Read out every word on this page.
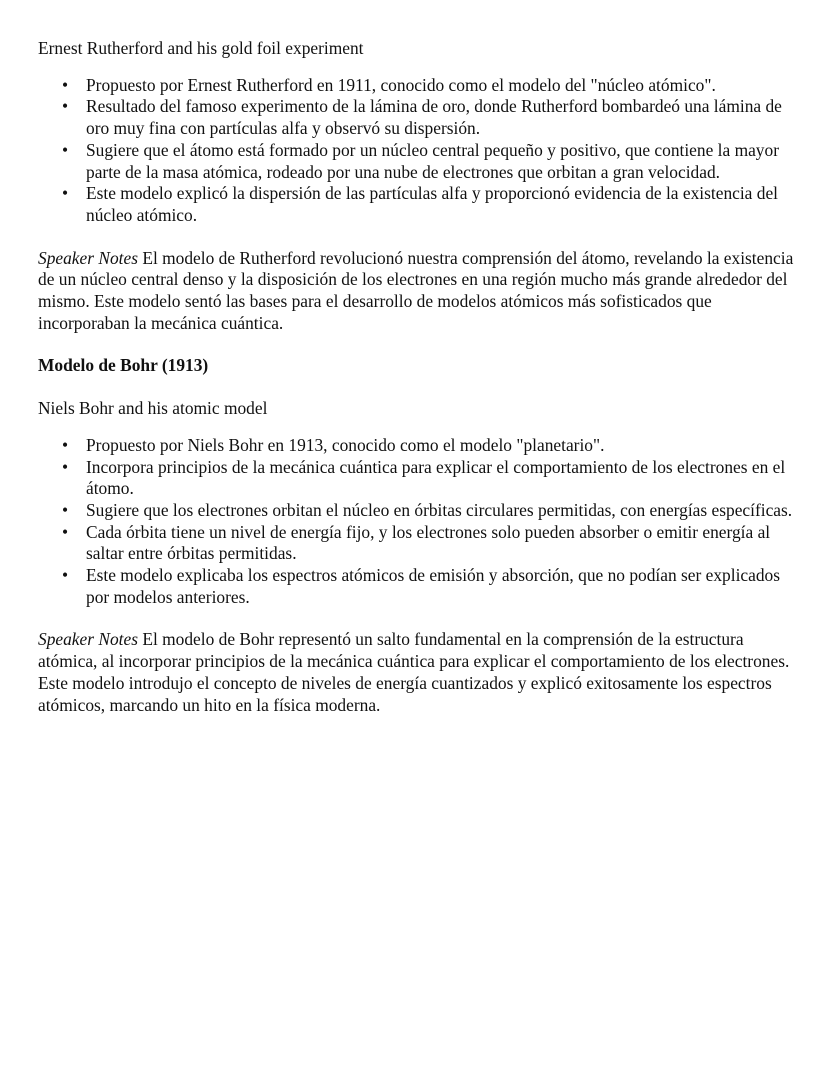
Ernest Rutherford and his gold foil experiment

• Propuesto por Ernest Rutherford en 1911, conocido como el modelo del "núcleo atómico".
• Resultado del famoso experimento de la lámina de oro, donde Rutherford bombardeó una lámina de oro muy fina con partículas alfa y observó su dispersión.
• Sugiere que el átomo está formado por un núcleo central pequeño y positivo, que contiene la mayor parte de la masa atómica, rodeado por una nube de electrones que orbitan a gran velocidad.
• Este modelo explicó la dispersión de las partículas alfa y proporcionó evidencia de la existencia del núcleo atómico.

Speaker Notes El modelo de Rutherford revolucionó nuestra comprensión del átomo, revelando la existencia de un núcleo central denso y la disposición de los electrones en una región mucho más grande alrededor del mismo. Este modelo sentó las bases para el desarrollo de modelos atómicos más sofisticados que incorporaban la mecánica cuántica.

Modelo de Bohr (1913)

Niels Bohr and his atomic model

• Propuesto por Niels Bohr en 1913, conocido como el modelo "planetario".
• Incorpora principios de la mecánica cuántica para explicar el comportamiento de los electrones en el átomo.
• Sugiere que los electrones orbitan el núcleo en órbitas circulares permitidas, con energías específicas.
• Cada órbita tiene un nivel de energía fijo, y los electrones solo pueden absorber o emitir energía al saltar entre órbitas permitidas.
• Este modelo explicaba los espectros atómicos de emisión y absorción, que no podían ser explicados por modelos anteriores.

Speaker Notes El modelo de Bohr representó un salto fundamental en la comprensión de la estructura atómica, al incorporar principios de la mecánica cuántica para explicar el comportamiento de los electrones. Este modelo introdujo el concepto de niveles de energía cuantizados y explicó exitosamente los espectros atómicos, marcando un hito en la física moderna.
